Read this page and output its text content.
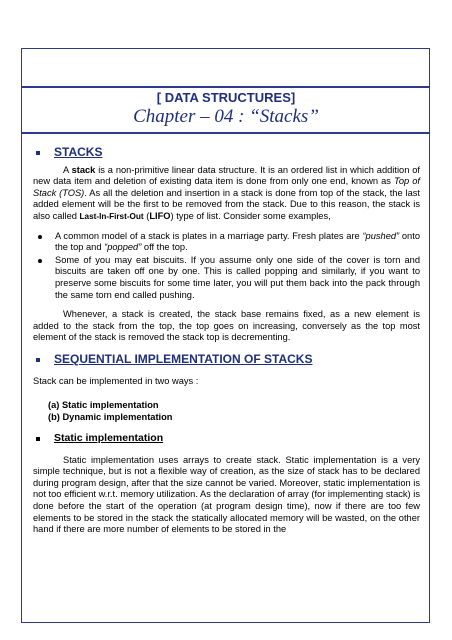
[ DATA STRUCTURES]
Chapter – 04 : “Stacks”
STACKS

A stack is a non-primitive linear data structure. It is an ordered list in which addition of new data item and deletion of existing data item is done from only one end, known as Top of Stack (TOS). As all the deletion and insertion in a stack is done from top of the stack, the last added element will be the first to be removed from the stack. Due to this reason, the stack is also called Last-In-First-Out (LIFO) type of list. Consider some examples,

A common model of a stack is plates in a marriage party. Fresh plates are “pushed” onto the top and “popped” off the top.
Some of you may eat biscuits. If you assume only one side of the cover is torn and biscuits are taken off one by one. This is called popping and similarly, if you want to preserve some biscuits for some time later, you will put them back into the pack through the same torn end called pushing.

Whenever, a stack is created, the stack base remains fixed, as a new element is added to the stack from the top, the top goes on increasing, conversely as the top most element of the stack is removed the stack top is decrementing.

SEQUENTIAL IMPLEMENTATION OF STACKS

Stack can be implemented in two ways :

(a) Static implementation
(b) Dynamic implementation
Static implementation

Static implementation uses arrays to create stack. Static implementation is a very simple technique, but is not a flexible way of creation, as the size of stack has to be declared during program design, after that the size cannot be varied. Moreover, static implementation is not too efficient w.r.t. memory utilization. As the declaration of array (for implementing stack) is done before the start of the operation (at program design time), now if there are too few elements to be stored in the stack the statically allocated memory will be wasted, on the other hand if there are more number of elements to be stored in the
